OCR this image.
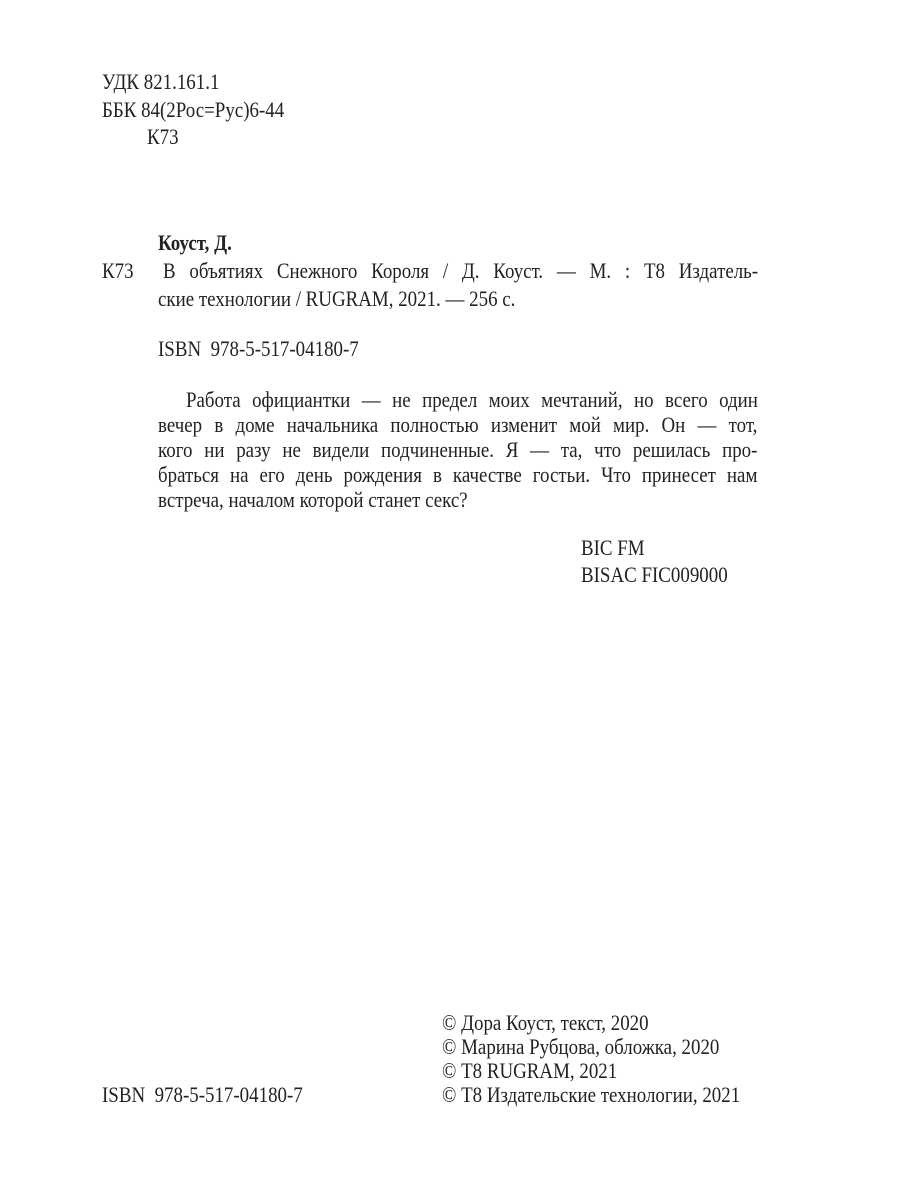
УДК 821.161.1
ББК 84(2Рос=Рус)6-44
К73
Коуст, Д.
К73 В объятиях Снежного Короля / Д. Коуст. — М. : Т8 Издатель-
ские технологии / RUGRAM, 2021. — 256 с.
ISBN  978-5-517-04180-7
Работа официантки — не предел моих мечтаний, но всего один
вечер в доме начальника полностью изменит мой мир. Он — тот,
кого ни разу не видели подчиненные. Я — та, что решилась про-
браться на его день рождения в качестве гостьи. Что принесет нам
встреча, началом которой станет секс?
BIC FM
BISAC FIC009000
© Дора Коуст, текст, 2020
© Марина Рубцова, обложка, 2020
© Т8 RUGRAM, 2021
© Т8 Издательские технологии, 2021
ISBN  978-5-517-04180-7
